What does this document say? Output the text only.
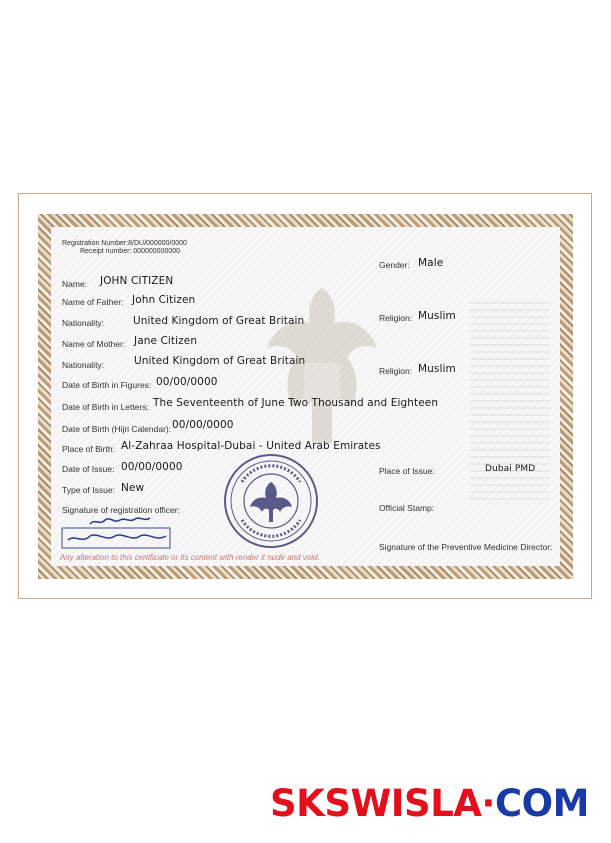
Registration Number:8/DU/000000/0000
Receipt number: 000000000000
Gender: Male
Name: JOHN CITIZEN
Name of Father: John Citizen
Nationality:	United Kingdom of Great Britain	Religion: Muslim
Name of Mother: Jane Citizen
Nationality:	United Kingdom of Great Britain
Religion: Muslim
Date of Birth in Figures: 00/00/0000
Date of Birth in Letters: The Seventeenth of June Two Thousand and Eighteen
Date of Birth (Hijri Calendar): 00/00/0000
Place of Birth: Al-Zahraa Hospital-Dubai - United Arab Emirates
Date of Issue: 00/00/0000	Place of Issue:	Dubai PMD
Type of Issue: New
Signature of registration officer:	Official Stamp:
Any alteration to this certificate or its content with render it nude and void.
Signature of the Preventive Medicine Director:
SKSWISLA·COM
